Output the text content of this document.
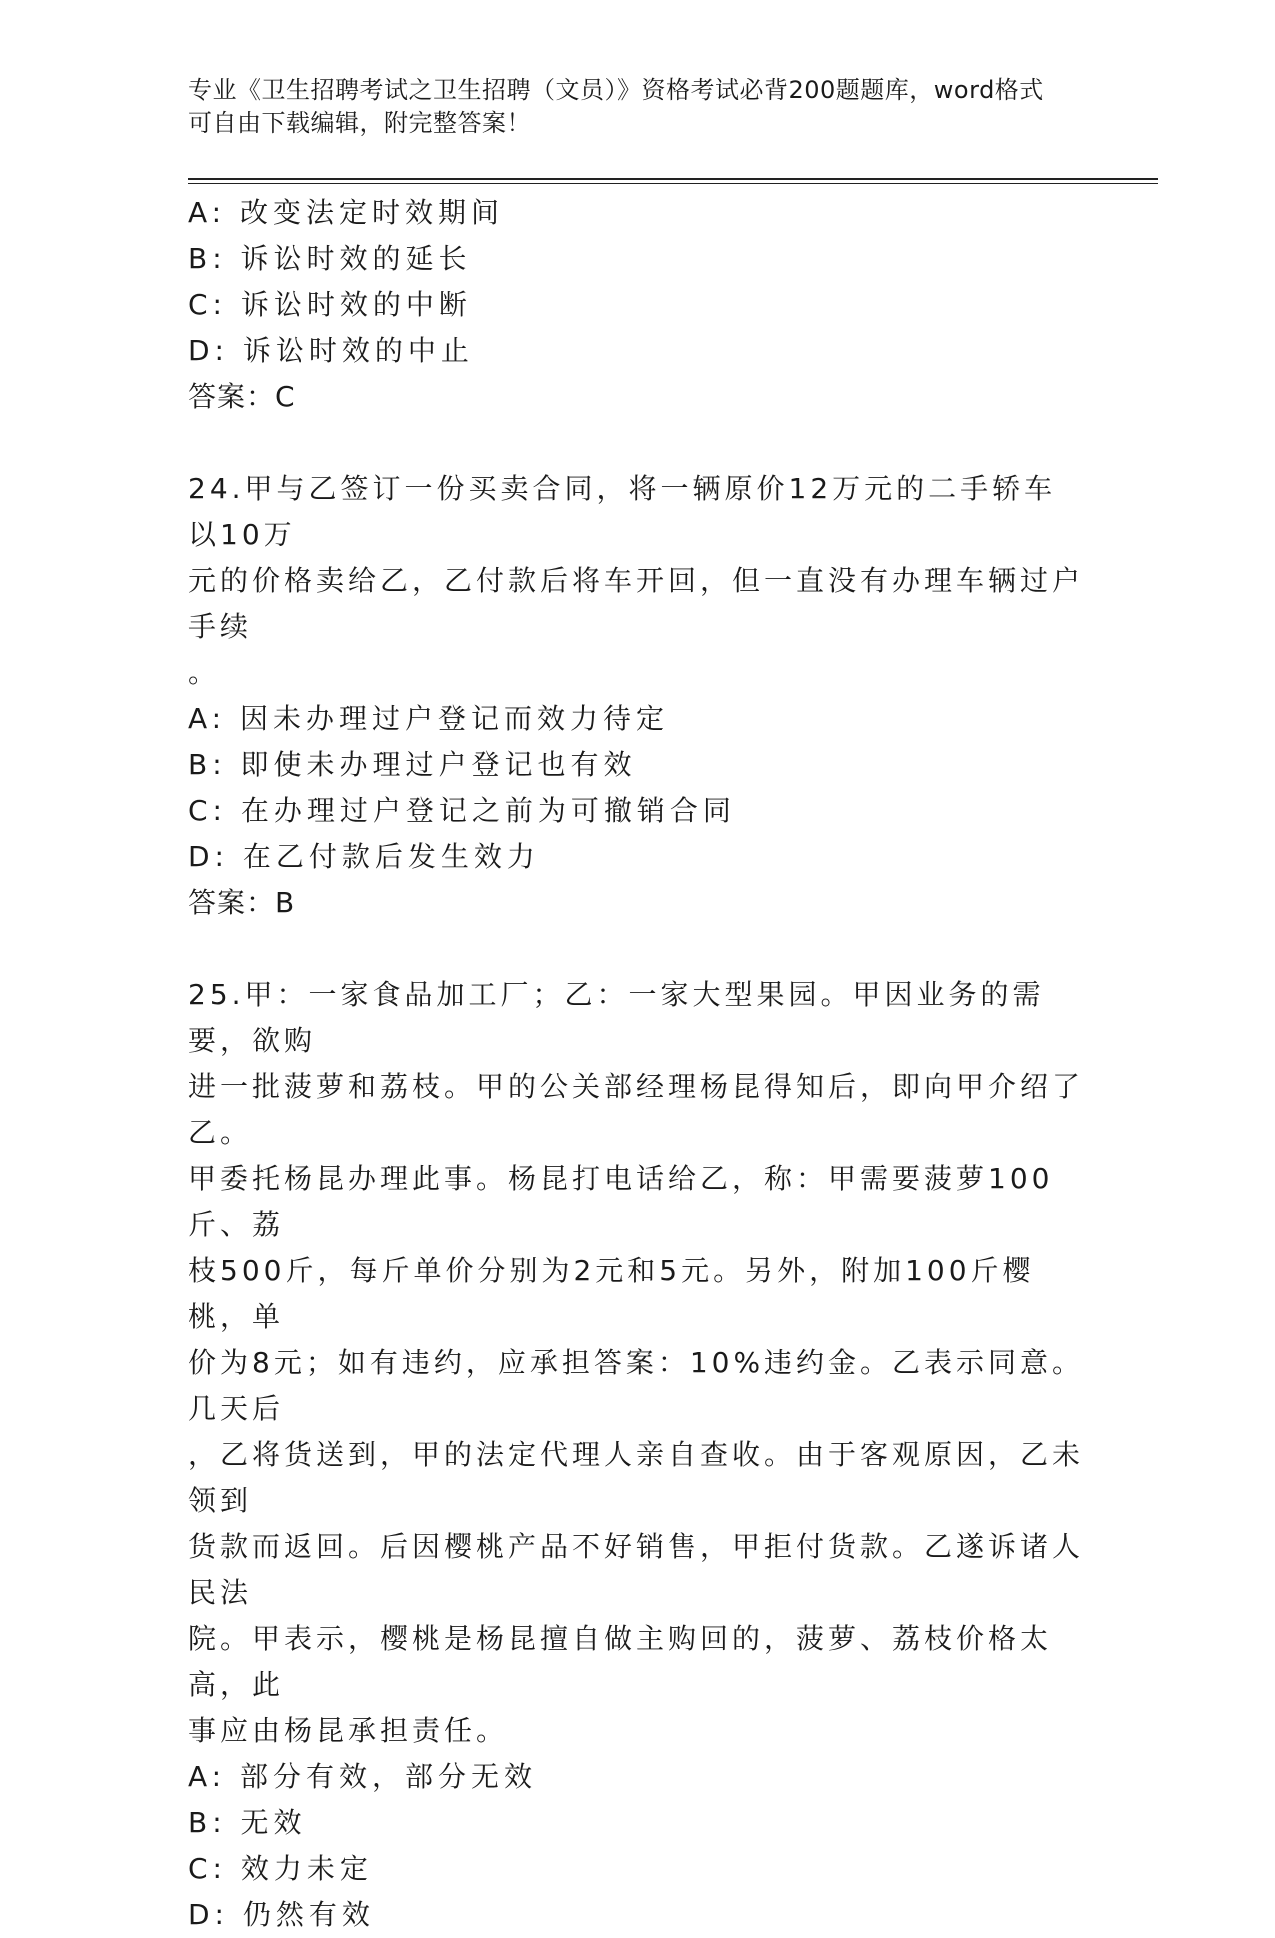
专业《卫生招聘考试之卫生招聘（文员）》资格考试必背200题题库，word格式
可自由下载编辑，附完整答案！
A: 改变法定时效期间
B: 诉讼时效的延长
C: 诉讼时效的中断
D: 诉讼时效的中止
答案：C
24.甲与乙签订一份买卖合同，将一辆原价12万元的二手轿车以10万
元的价格卖给乙，乙付款后将车开回，但一直没有办理车辆过户手续
。
A: 因未办理过户登记而效力待定
B: 即使未办理过户登记也有效
C: 在办理过户登记之前为可撤销合同
D: 在乙付款后发生效力
答案：B
25.甲：一家食品加工厂；乙：一家大型果园。甲因业务的需要，欲购
进一批菠萝和荔枝。甲的公关部经理杨昆得知后，即向甲介绍了乙。
甲委托杨昆办理此事。杨昆打电话给乙，称：甲需要菠萝100斤、荔
枝500斤，每斤单价分别为2元和5元。另外，附加100斤樱桃，单
价为8元；如有违约，应承担答案：10%违约金。乙表示同意。几天后
，乙将货送到，甲的法定代理人亲自查收。由于客观原因，乙未领到
货款而返回。后因樱桃产品不好销售，甲拒付货款。乙遂诉诸人民法
院。甲表示，樱桃是杨昆擅自做主购回的，菠萝、荔枝价格太高，此
事应由杨昆承担责任。
A: 部分有效，部分无效
B: 无效
C: 效力未定
D: 仍然有效
